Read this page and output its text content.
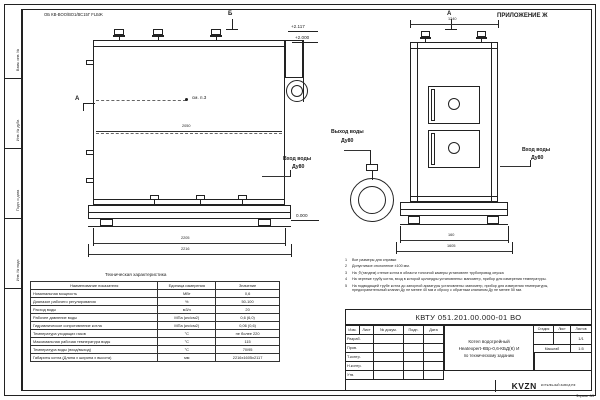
Взам. инв. №
Инв. № дубл.
Подп. и дата
Инв. № подл.
ОБ КВ-ВОО/ВО1/ВС15Г FLБЖ	Б	А	ПРИЛОЖЕНИЕ Ж
см. п.3
А
+2.117
+2.000
0.000
2050
2205
2216
Вход воды
Ду80
1240
160
1605
Вход воды
Ду80
Выход воды
Ду80
Техническая характеристика
Наименование показателя	Единица измерения	Значение
Номинальная мощность	МВт	0,6
Диапазон рабочего регулирования	%	50-100
Расход воды	м3/ч	20
Рабочее давление воды	МПа (кгс/см2)	0,6 (6,0)
Гидравлическое сопротивление котла	МПа (кгс/см2)	0,06 (0,6)
Температура уходящих газов	°С	не более 220
Максимальная рабочая температура воды	°С	115
Температура воды (вход/выход)	°С	70/95
Габариты котла (Длина х ширина х высота)	мм	2216x1605x2117
1	Все размеры для справки
2	Допустимое отклонение ±100 мм.
3	На タ(тандем) стенке котла в области топочной камеры установлен трубопровод опуска
4	На чертеже трубу котла, вход в которой цилиндры установлены: манометр, прибор для измерения температуры.
5	На подводящей трубе котла до запорной арматуры установлены: манометр, прибор для измерения температуры, предохранительный клапан Ду не менее 40 мм и сбросу с обратным клапаном Ду не менее 50 мм.
КВТУ 051.201.00.000-01 ВО
Изм.	Лист	№ докум.	Подп.	Дата
Разраб.
Пров.
Т.контр.
Н.контр.
Утв.
Котел водогрейный
Heatexpert-КВр-0,6-КБД(К) И
по техническому заданию
Стадия	Лист	Листов
1/1
Масштаб	1:5
KVZN КОТЕЛЬНЫЙ ЗАВОД РФ
Формат А3
